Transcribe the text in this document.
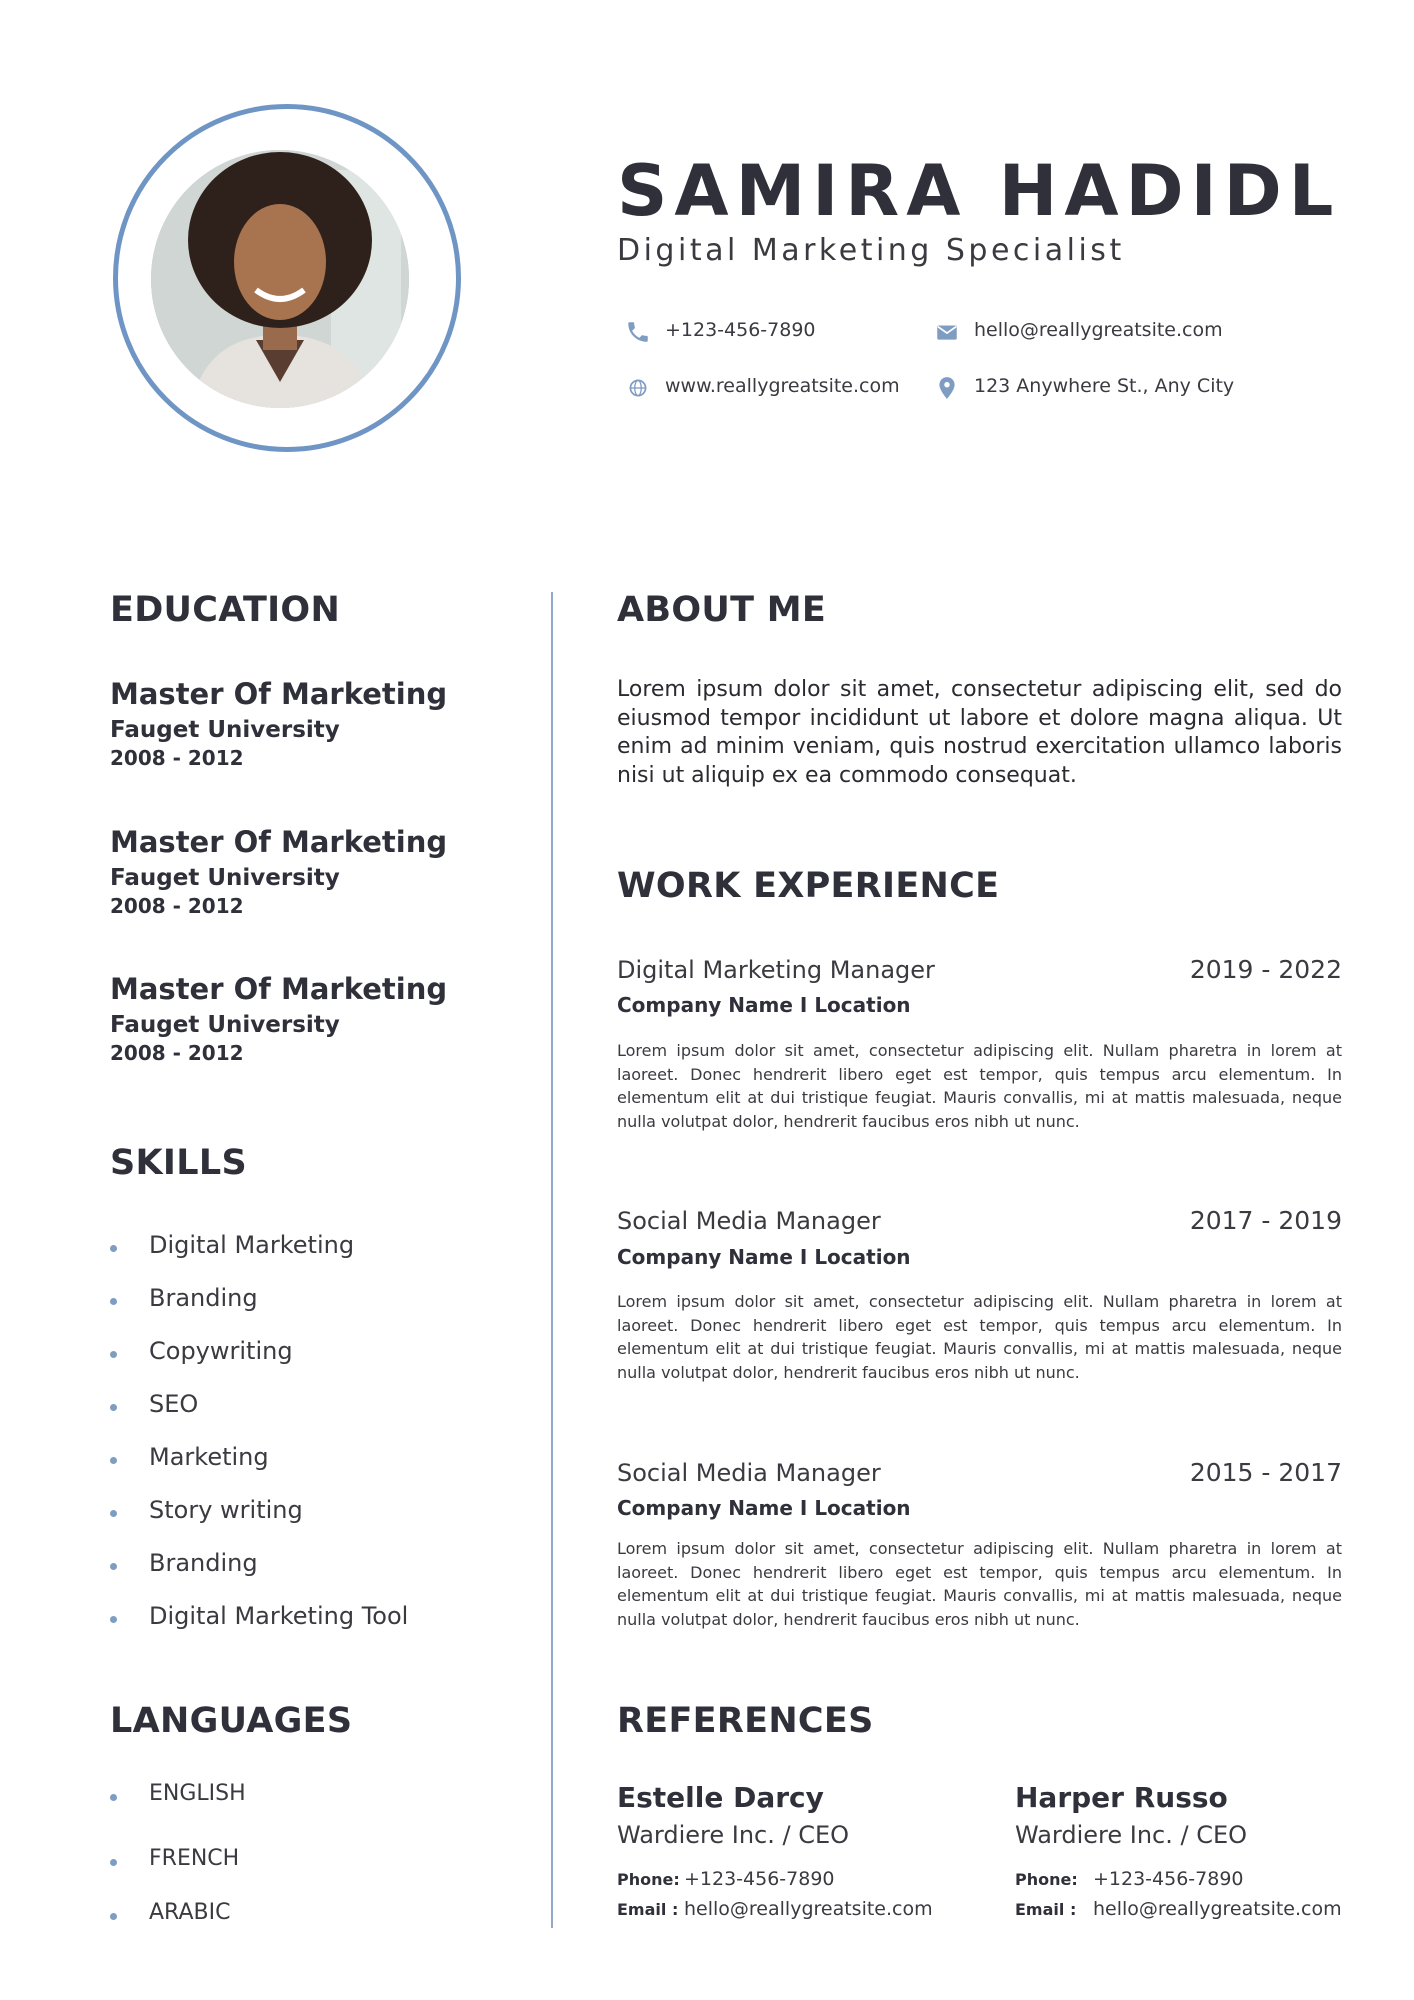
SAMIRA HADIDL
Digital Marketing Specialist
+123-456-7890	hello@reallygreatsite.com
www.reallygreatsite.com	123 Anywhere St., Any City
EDUCATION
Master Of Marketing
Fauget University
2008 - 2012
Master Of Marketing
Fauget University
2008 - 2012
Master Of Marketing
Fauget University
2008 - 2012
SKILLS
Digital Marketing
Branding
Copywriting
SEO
Marketing
Story writing
Branding
Digital Marketing Tool
LANGUAGES
ENGLISH
FRENCH
ARABIC
ABOUT ME
Lorem ipsum dolor sit amet, consectetur adipiscing elit, sed do eiusmod tempor incididunt ut labore et dolore magna aliqua. Ut enim ad minim veniam, quis nostrud exercitation ullamco laboris nisi ut aliquip ex ea commodo consequat.
WORK EXPERIENCE
Digital Marketing Manager	2019 - 2022
Company Name I Location
Lorem ipsum dolor sit amet, consectetur adipiscing elit. Nullam pharetra in lorem at laoreet. Donec hendrerit libero eget est tempor, quis tempus arcu elementum. In elementum elit at dui tristique feugiat. Mauris convallis, mi at mattis malesuada, neque nulla volutpat dolor, hendrerit faucibus eros nibh ut nunc.
Social Media Manager	2017 - 2019
Company Name I Location
Lorem ipsum dolor sit amet, consectetur adipiscing elit. Nullam pharetra in lorem at laoreet. Donec hendrerit libero eget est tempor, quis tempus arcu elementum. In elementum elit at dui tristique feugiat. Mauris convallis, mi at mattis malesuada, neque nulla volutpat dolor, hendrerit faucibus eros nibh ut nunc.
Social Media Manager	2015 - 2017
Company Name I Location
Lorem ipsum dolor sit amet, consectetur adipiscing elit. Nullam pharetra in lorem at laoreet. Donec hendrerit libero eget est tempor, quis tempus arcu elementum. In elementum elit at dui tristique feugiat. Mauris convallis, mi at mattis malesuada, neque nulla volutpat dolor, hendrerit faucibus eros nibh ut nunc.
REFERENCES
Estelle Darcy
Wardiere Inc. / CEO
Phone: +123-456-7890
Email : hello@reallygreatsite.com
Harper Russo
Wardiere Inc. / CEO
Phone: +123-456-7890
Email : hello@reallygreatsite.com
